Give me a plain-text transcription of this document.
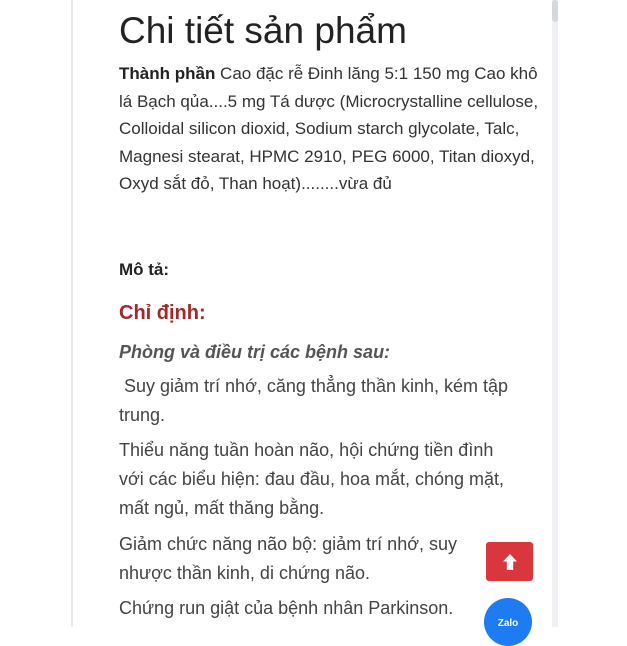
Chi tiết sản phẩm

Thành phần Cao đặc rễ Đinh lăng 5:1 150 mg Cao khô lá Bạch qủa....5 mg Tá dược (Microcrystalline cellulose, Colloidal silicon dioxid, Sodium starch glycolate, Talc, Magnesi stearat, HPMC 2910, PEG 6000, Titan dioxyd, Oxyd sắt đỏ, Than hoạt)........vừa đủ

Mô tả:

Chỉ định:

Phòng và điều trị các bệnh sau:

Suy giảm trí nhớ, căng thẳng thần kinh, kém tập trung.

Thiểu năng tuần hoàn não, hội chứng tiền đình với các biểu hiện: đau đầu, hoa mắt, chóng mặt, mất ngủ, mất thăng bằng.

Giảm chức năng não bộ: giảm trí nhớ, suy nhược thần kinh, di chứng não.

Chứng run giật của bệnh nhân Parkinson.

Zalo
